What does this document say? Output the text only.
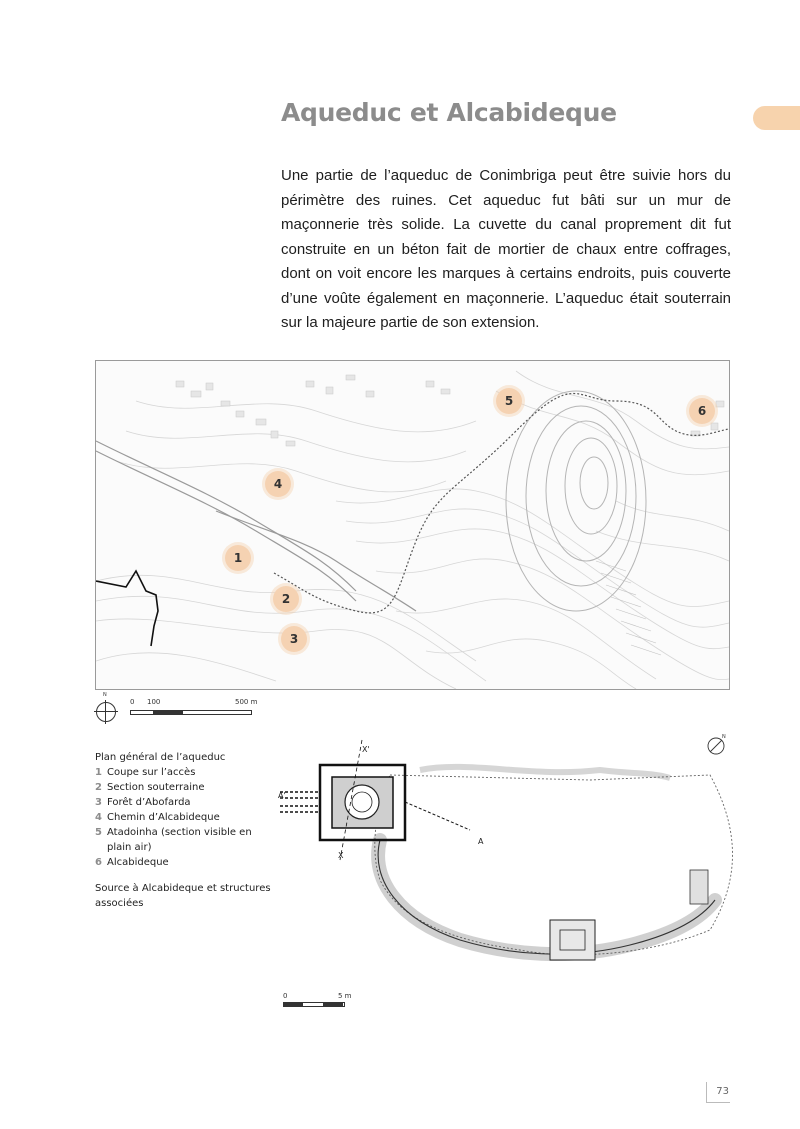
Aqueduc et Alcabideque

Une partie de l’aqueduc de Conimbriga peut être suivie hors du périmètre des ruines. Cet aqueduc fut bâti sur un mur de maçonnerie très solide. La cuvette du canal proprement dit fut construite en un béton fait de mortier de chaux entre coffrages, dont on voit encore les marques à certains endroits, puis couverte d’une voûte également en maçonnerie. L’aqueduc était souterrain sur la majeure partie de son extension.

1
2
3
4
5
6
N
0 100	500 m

Plan général de l’aqueduc

1 Coupe sur l’accès
2 Section souterraine
3 Forêt d’Abofarda
4 Chemin d’Alcabideque
5 Atadoinha (section visible en plain air)
6 Alcabideque

Source à Alcabideque et structures associées

A'
A
X'
X
N
0	5 m
73
